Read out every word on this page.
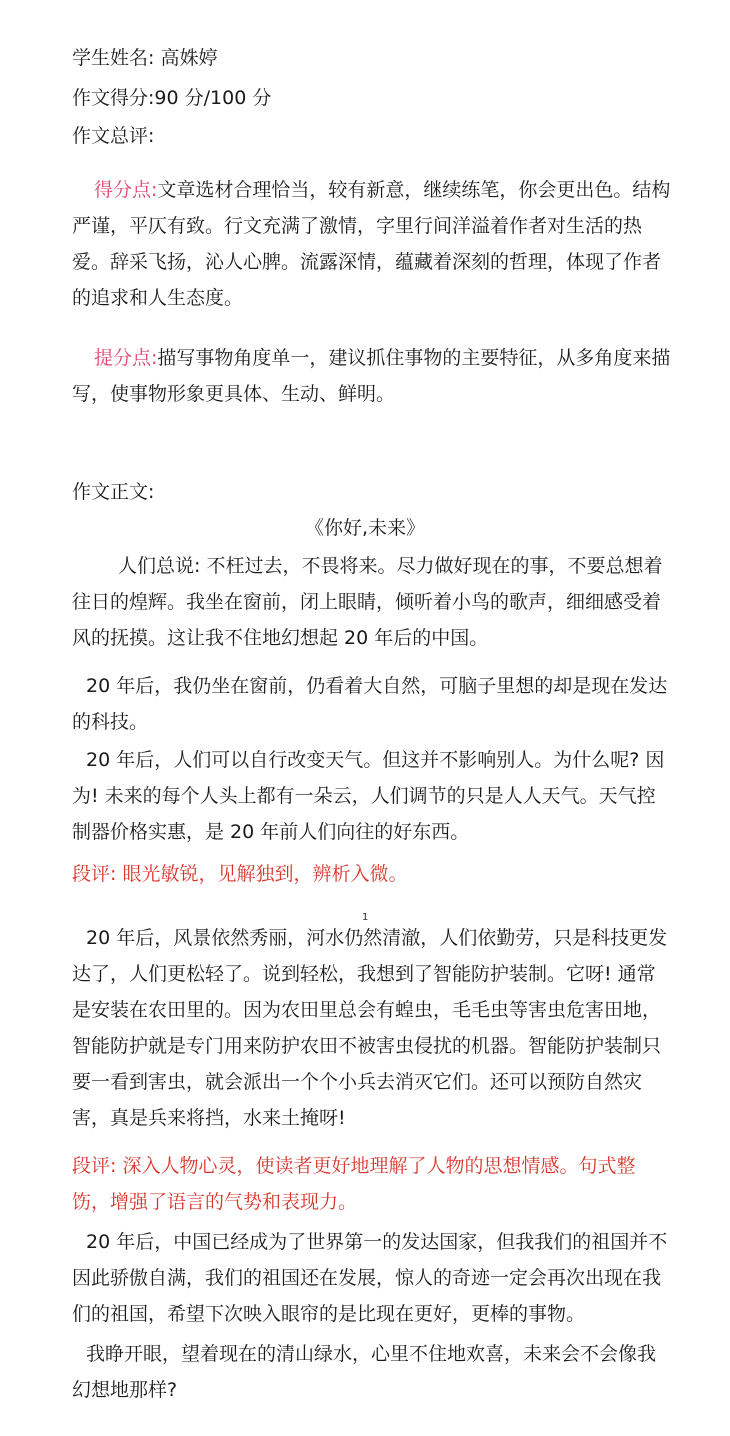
学生姓名: 高姝婷
作文得分:90 分/100 分
作文总评:
得分点:文章选材合理恰当，较有新意，继续练笔，你会更出色。结构严谨，平仄有致。行文充满了激情，字里行间洋溢着作者对生活的热爱。辞采飞扬，沁人心脾。流露深情，蕴藏着深刻的哲理，体现了作者的追求和人生态度。
提分点:描写事物角度单一，建议抓住事物的主要特征，从多角度来描写，使事物形象更具体、生动、鲜明。
作文正文:
《你好,未来》
人们总说: 不枉过去，不畏将来。尽力做好现在的事，不要总想着往日的煌辉。我坐在窗前，闭上眼睛，倾听着小鸟的歌声，细细感受着风的抚摸。这让我不住地幻想起 20 年后的中国。
20 年后，我仍坐在窗前，仍看着大自然，可脑子里想的却是现在发达的科技。
20 年后，人们可以自行改变天气。但这并不影响别人。为什么呢? 因为! 未来的每个人头上都有一朵云，人们调节的只是人人天气。天气控制器价格实惠，是 20 年前人们向往的好东西。
段评: 眼光敏锐，见解独到，辨析入微。
1
20 年后，风景依然秀丽，河水仍然清澈，人们依勤劳，只是科技更发达了，人们更松轻了。说到轻松，我想到了智能防护装制。它呀! 通常是安装在农田里的。因为农田里总会有蝗虫，毛毛虫等害虫危害田地，智能防护就是专门用来防护农田不被害虫侵扰的机器。智能防护装制只要一看到害虫，就会派出一个个小兵去消灭它们。还可以预防自然灾害，真是兵来将挡，水来土掩呀!
段评: 深入人物心灵，使读者更好地理解了人物的思想情感。句式整饬，增强了语言的气势和表现力。
20 年后，中国已经成为了世界第一的发达国家，但我我们的祖国并不因此骄傲自满，我们的祖国还在发展，惊人的奇迹一定会再次出现在我们的祖国，希望下次映入眼帘的是比现在更好，更棒的事物。
我睁开眼，望着现在的清山绿水，心里不住地欢喜，未来会不会像我幻想地那样?
